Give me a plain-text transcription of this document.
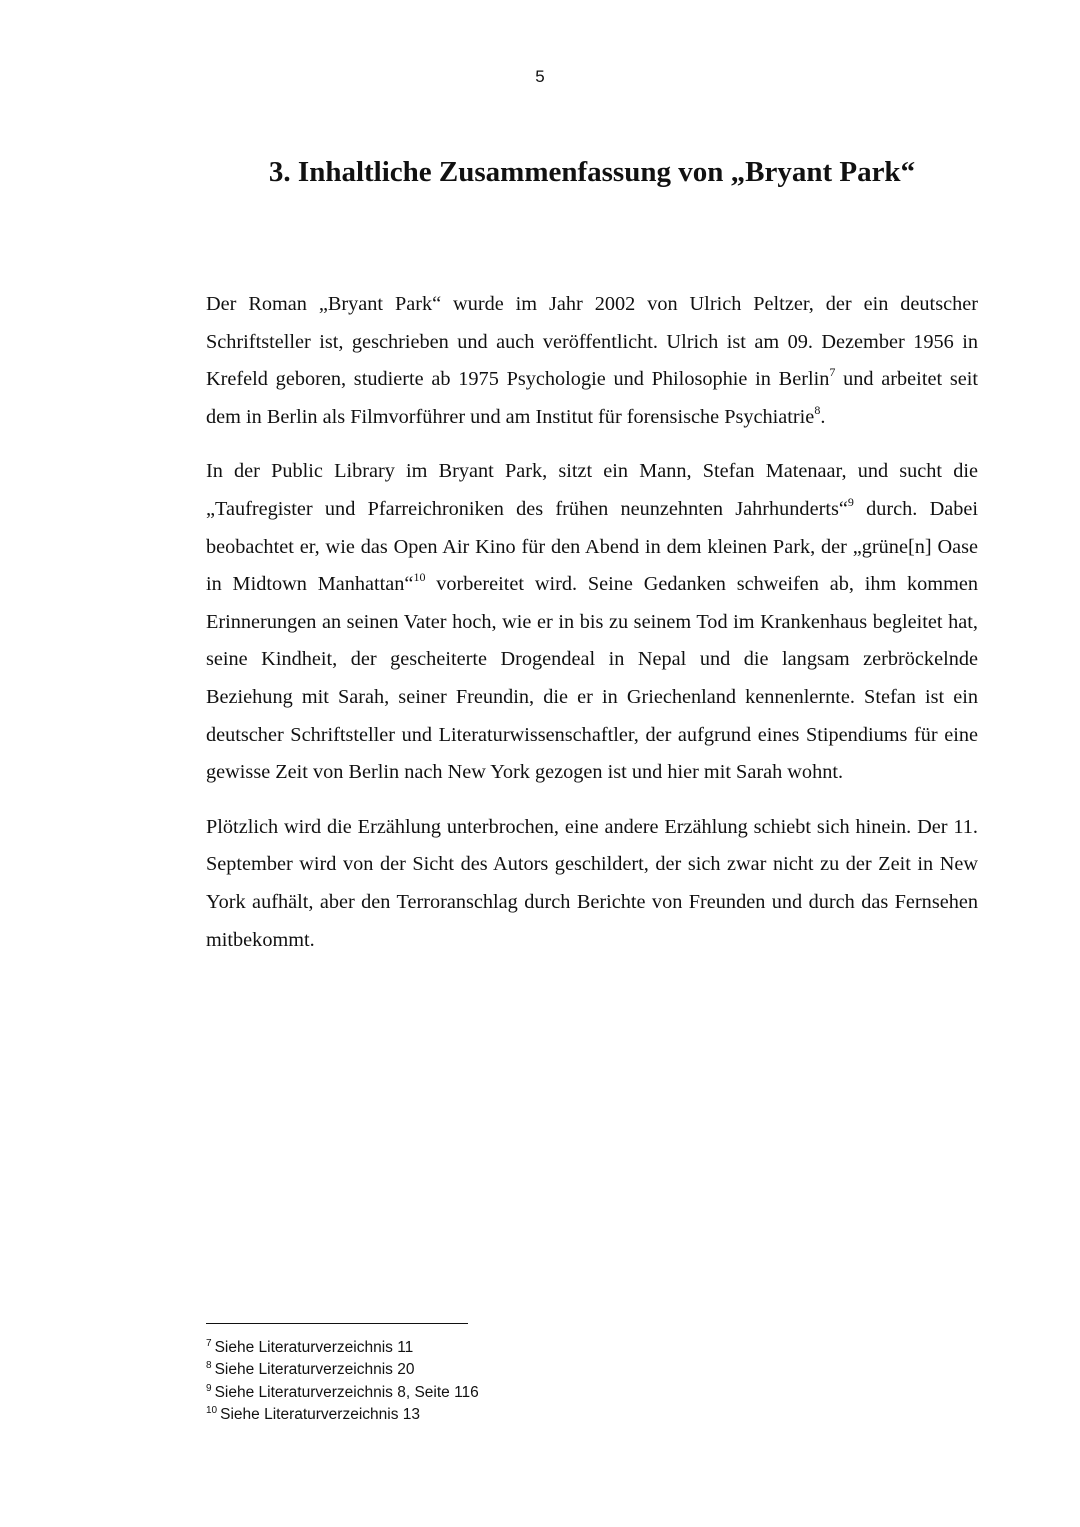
5
3. Inhaltliche Zusammenfassung von „Bryant Park“

Der Roman „Bryant Park“ wurde im Jahr 2002 von Ulrich Peltzer, der ein deutscher Schriftsteller ist, geschrieben und auch veröffentlicht. Ulrich ist am 09. Dezember 1956 in Krefeld geboren, studierte ab 1975 Psychologie und Philosophie in Berlin$^7$ und arbeitet seit dem in Berlin als Filmvorführer und am Institut für forensische Psychiatrie$^8$.

In der Public Library im Bryant Park, sitzt ein Mann, Stefan Matenaar, und sucht die „Taufregister und Pfarreichroniken des frühen neunzehnten Jahrhunderts“$^9$ durch. Dabei beobachtet er, wie das Open Air Kino für den Abend in dem kleinen Park, der „grüne[n] Oase in Midtown Manhattan“$^{10}$ vorbereitet wird. Seine Gedanken schweifen ab, ihm kommen Erinnerungen an seinen Vater hoch, wie er in bis zu seinem Tod im Krankenhaus begleitet hat, seine Kindheit, der gescheiterte Drogendeal in Nepal und die langsam zerbröckelnde Beziehung mit Sarah, seiner Freundin, die er in Griechenland kennenlernte. Stefan ist ein deutscher Schriftsteller und Literaturwissenschaftler, der aufgrund eines Stipendiums für eine gewisse Zeit von Berlin nach New York gezogen ist und hier mit Sarah wohnt.

Plötzlich wird die Erzählung unterbrochen, eine andere Erzählung schiebt sich hinein. Der 11. September wird von der Sicht des Autors geschildert, der sich zwar nicht zu der Zeit in New York aufhält, aber den Terroranschlag durch Berichte von Freunden und durch das Fernsehen mitbekommt.

$^7$ Siehe Literaturverzeichnis 11
$^8$ Siehe Literaturverzeichnis 20
$^9$ Siehe Literaturverzeichnis 8, Seite 116
$^{10}$ Siehe Literaturverzeichnis 13
